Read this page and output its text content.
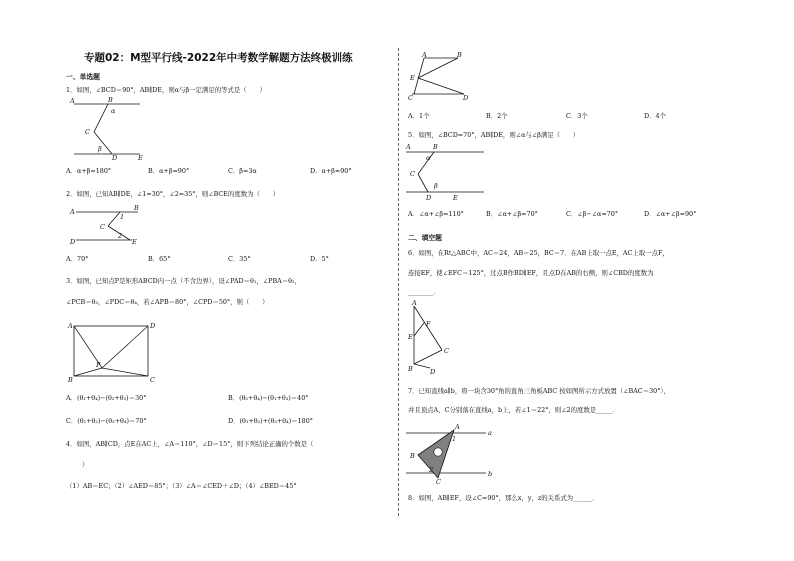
专题02：M型平行线-2022年中考数学解题方法终极训练
一、单选题
1．如图，∠BCD＝90°，AB∥DE，则α与β一定满足的等式是（　　）
A	B
C
D	E
α
β
A．α+β=180°	B．α+β=90°	C．β=3α	D．α+β=90°
2．如图，已知AB∥DE，∠1=30°，∠2=35°，则∠BCE的度数为（　　）
A	B
C
D	E
1
2
A．70°	B．65°	C．35°	D．5°
3．如图，已知点P是矩形ABCD内一点（不含边界），设∠PAD＝θ₁，∠PBA＝θ₂，
∠PCB＝θ₃，∠PDC＝θ₄，若∠APB＝80°，∠CPD＝50°，则（　　）
A	D
B	C
P
A．(θ₁+θ₄)−(θ₂+θ₃)＝30°	B．(θ₂+θ₄)−(θ₁+θ₃)＝40°
C．(θ₁+θ₂)−(θ₃+θ₄)＝70°	D．(θ₁+θ₂)+(θ₃+θ₄)＝180°
4．如图，AB∥CD，点E在AC上，∠A＝110°，∠D＝15°，则下列结论正确的个数是（
）
（1）AB＝EC；（2）∠AED＝85°；（3）∠A＝∠CED＋∠D；（4）∠BED＝45°
A	B
E
C	D
A．1个	B．2个	C．3个	D．4个
5．如图，∠BCD=70°，AB∥DE，则∠α与∠β满足（　　）
A	B
α
C
β
D	E
A．∠α+∠β=110°	B．∠α+∠β=70°	C．∠β−∠α=70°	D．∠α+∠β=90°
二、填空题
6．如图，在Rt△ABC中，AC＝24，AB＝25，BC＝7．在AB上取一点E，AC上取一点F，
连接EF，使∠EFC＝125°，过点B作BD∥EF，且点D在AB的右侧，则∠CBD的度数为
________．
A
F
E
C
B	D
7．已知直线a∥b，将一块含30°角的直角三角板ABC 按如图所示方式放置（∠BAC＝30°），
并且顶点A，C分别落在直线a，b上，若∠1＝22°，则∠2的度数是_____．
A
a
B
b
C
1
2
8．如图，AB∥EF，设∠C=90°，那么x，y，z的关系式为______．
